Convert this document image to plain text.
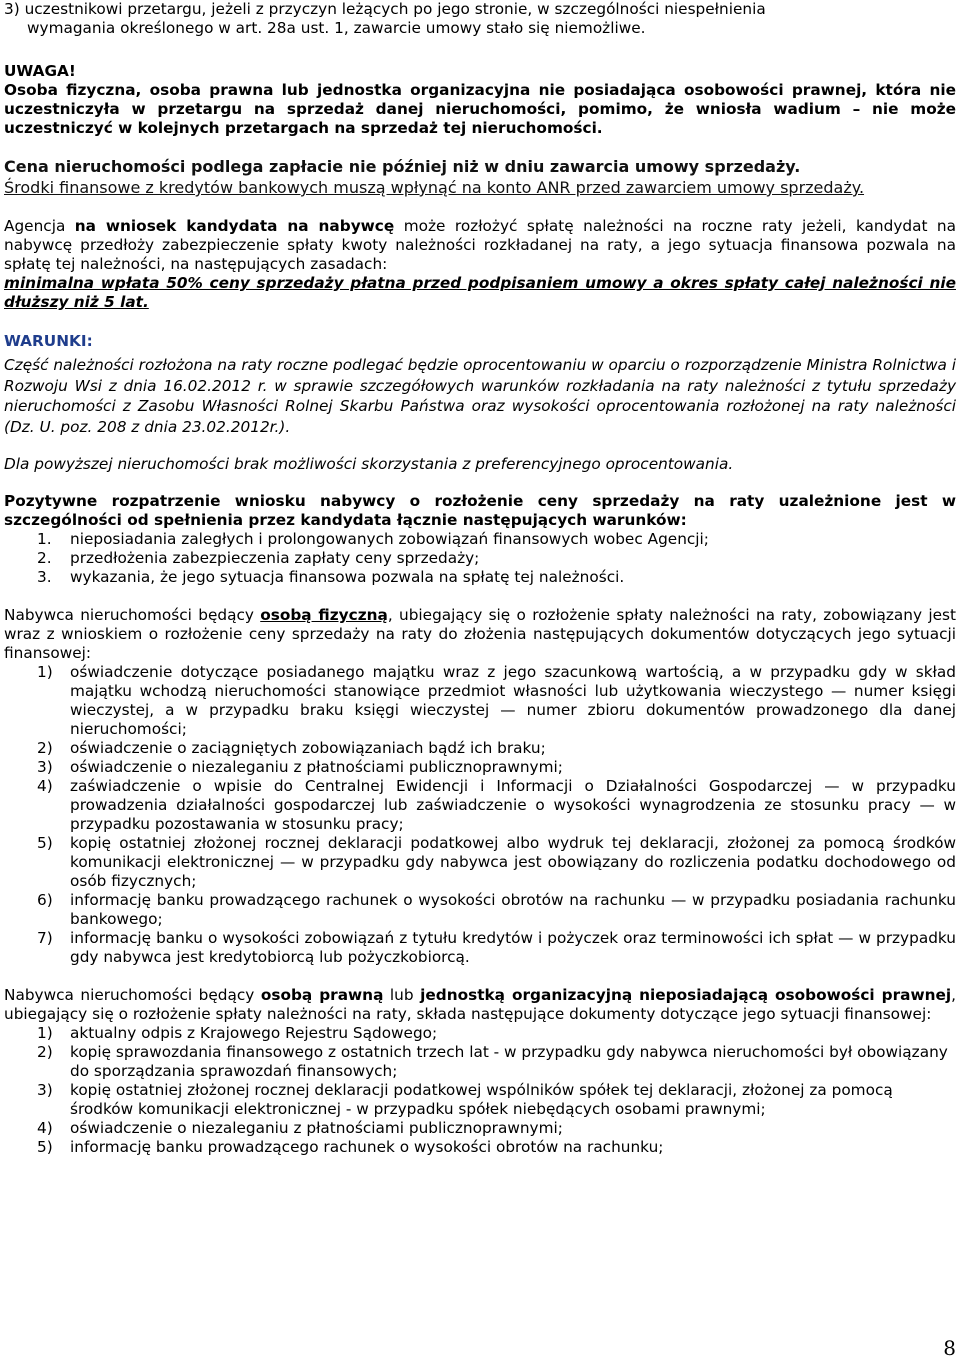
3) uczestnikowi przetargu, jeżeli z przyczyn leżących po jego stronie, w szczególności niespełnienia
wymagania określonego w art. 28a ust. 1, zawarcie umowy stało się niemożliwe.

UWAGA!

Osoba fizyczna, osoba prawna lub jednostka organizacyjna nie posiadająca osobowości prawnej, która nie uczestniczyła w przetargu na sprzedaż danej nieruchomości, pomimo, że wniosła wadium – nie może uczestniczyć w kolejnych przetargach na sprzedaż tej nieruchomości.

Cena nieruchomości podlega zapłacie nie później niż w dniu zawarcia umowy sprzedaży.

Środki finansowe z kredytów bankowych muszą wpłynąć na konto ANR przed zawarciem umowy sprzedaży.

Agencja na wniosek kandydata na nabywcę może rozłożyć spłatę należności na roczne raty jeżeli, kandydat na nabywcę przedłoży zabezpieczenie spłaty kwoty należności rozkładanej na raty, a jego sytuacja finansowa pozwala na spłatę tej należności, na następujących zasadach:
minimalna wpłata 50% ceny sprzedaży płatna przed podpisaniem umowy a okres spłaty całej należności nie dłuższy niż 5 lat.

WARUNKI:

Część należności rozłożona na raty roczne podlegać będzie oprocentowaniu w oparciu o rozporządzenie Ministra Rolnictwa i Rozwoju Wsi z dnia 16.02.2012 r. w sprawie szczegółowych warunków rozkładania na raty należności z tytułu sprzedaży nieruchomości z Zasobu Własności Rolnej Skarbu Państwa oraz wysokości oprocentowania rozłożonej na raty należności (Dz. U. poz. 208 z dnia 23.02.2012r.).

Dla powyższej nieruchomości brak możliwości skorzystania z preferencyjnego oprocentowania.

Pozytywne rozpatrzenie wniosku nabywcy o rozłożenie ceny sprzedaży na raty uzależnione jest w szczególności od spełnienia przez kandydata łącznie następujących warunków:

1.	nieposiadania zaległych i prolongowanych zobowiązań finansowych wobec Agencji;
2.	przedłożenia zabezpieczenia zapłaty ceny sprzedaży;
3.	wykazania, że jego sytuacja finansowa pozwala na spłatę tej należności.

Nabywca nieruchomości będący osobą fizyczną, ubiegający się o rozłożenie spłaty należności na raty, zobowiązany jest wraz z wnioskiem o rozłożenie ceny sprzedaży na raty do złożenia następujących dokumentów dotyczących jego sytuacji finansowej:

1)	oświadczenie dotyczące posiadanego majątku wraz z jego szacunkową wartością, a w przypadku gdy w skład majątku wchodzą nieruchomości stanowiące przedmiot własności lub użytkowania wieczystego — numer księgi wieczystej, a w przypadku braku księgi wieczystej — numer zbioru dokumentów prowadzonego dla danej nieruchomości;
2)	oświadczenie o zaciągniętych zobowiązaniach bądź ich braku;
3)	oświadczenie o niezaleganiu z płatnościami publicznoprawnymi;
4)	zaświadczenie o wpisie do Centralnej Ewidencji i Informacji o Działalności Gospodarczej — w przypadku prowadzenia działalności gospodarczej lub zaświadczenie o wysokości wynagrodzenia ze stosunku pracy — w przypadku pozostawania w stosunku pracy;
5)	kopię ostatniej złożonej rocznej deklaracji podatkowej albo wydruk tej deklaracji, złożonej za pomocą środków komunikacji elektronicznej — w przypadku gdy nabywca jest obowiązany do rozliczenia podatku dochodowego od osób fizycznych;
6)	informację banku prowadzącego rachunek o wysokości obrotów na rachunku — w przypadku posiadania rachunku bankowego;
7)	informację banku o wysokości zobowiązań z tytułu kredytów i pożyczek oraz terminowości ich spłat — w przypadku gdy nabywca jest kredytobiorcą lub pożyczkobiorcą.

Nabywca nieruchomości będący osobą prawną lub jednostką organizacyjną nieposiadającą osobowości prawnej, ubiegający się o rozłożenie spłaty należności na raty, składa następujące dokumenty dotyczące jego sytuacji finansowej:

1)	aktualny odpis z Krajowego Rejestru Sądowego;
2)	kopię sprawozdania finansowego z ostatnich trzech lat - w przypadku gdy nabywca nieruchomości był obowiązany do sporządzania sprawozdań finansowych;
3)	kopię ostatniej złożonej rocznej deklaracji podatkowej wspólników spółek tej deklaracji, złożonej za pomocą środków komunikacji elektronicznej - w przypadku spółek niebędących osobami prawnymi;
4)	oświadczenie o niezaleganiu z płatnościami publicznoprawnymi;
5)	informację banku prowadzącego rachunek o wysokości obrotów na rachunku;
8
